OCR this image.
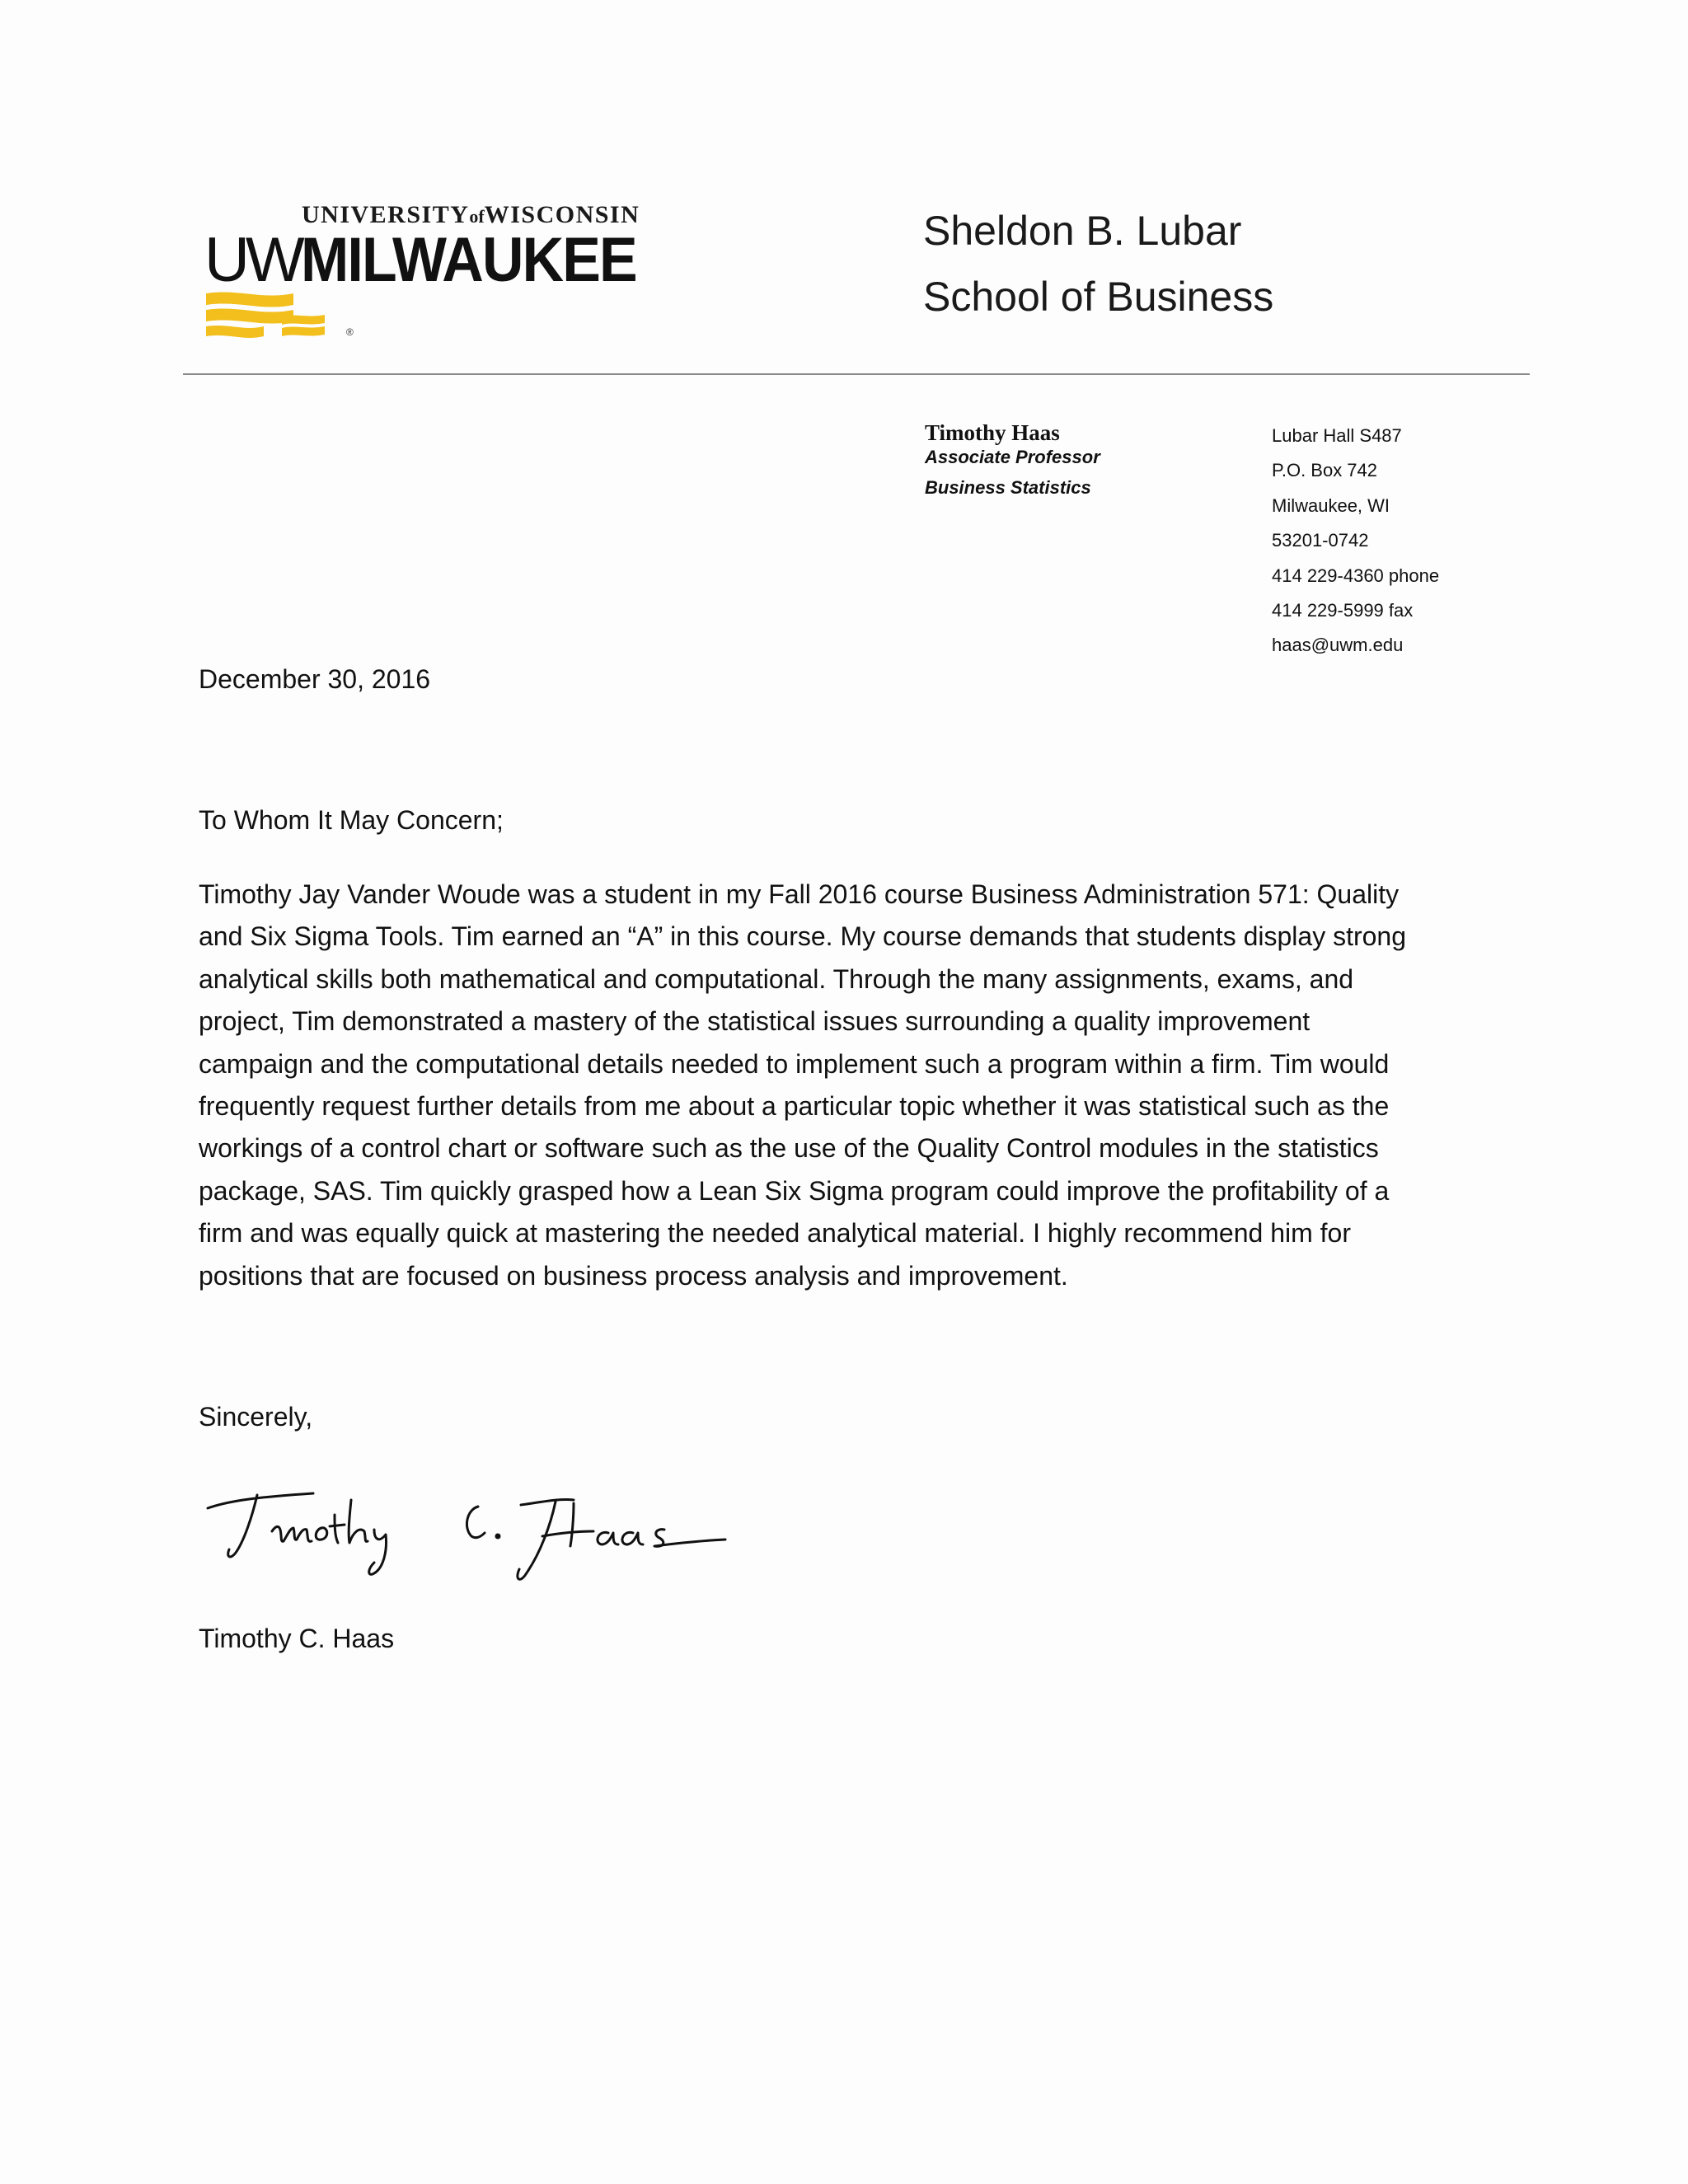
UNIVERSITYofWISCONSIN
UWMILWAUKEE
®
Sheldon B. Lubar
School of Business
Timothy Haas
Associate Professor
Business Statistics
Lubar Hall S487
P.O. Box 742
Milwaukee, WI
53201-0742
414 229-4360 phone
414 229-5999 fax
haas@uwm.edu
December 30, 2016
To Whom It May Concern;
Timothy Jay Vander Woude was a student in my Fall 2016 course Business Administration 571: Quality
and Six Sigma Tools. Tim earned an “A” in this course. My course demands that students display strong
analytical skills both mathematical and computational. Through the many assignments, exams, and
project, Tim demonstrated a mastery of the statistical issues surrounding a quality improvement
campaign and the computational details needed to implement such a program within a firm. Tim would
frequently request further details from me about a particular topic whether it was statistical such as the
workings of a control chart or software such as the use of the Quality Control modules in the statistics
package, SAS. Tim quickly grasped how a Lean Six Sigma program could improve the profitability of a
firm and was equally quick at mastering the needed analytical material. I highly recommend him for
positions that are focused on business process analysis and improvement.
Sincerely,
Timothy C. Haas
